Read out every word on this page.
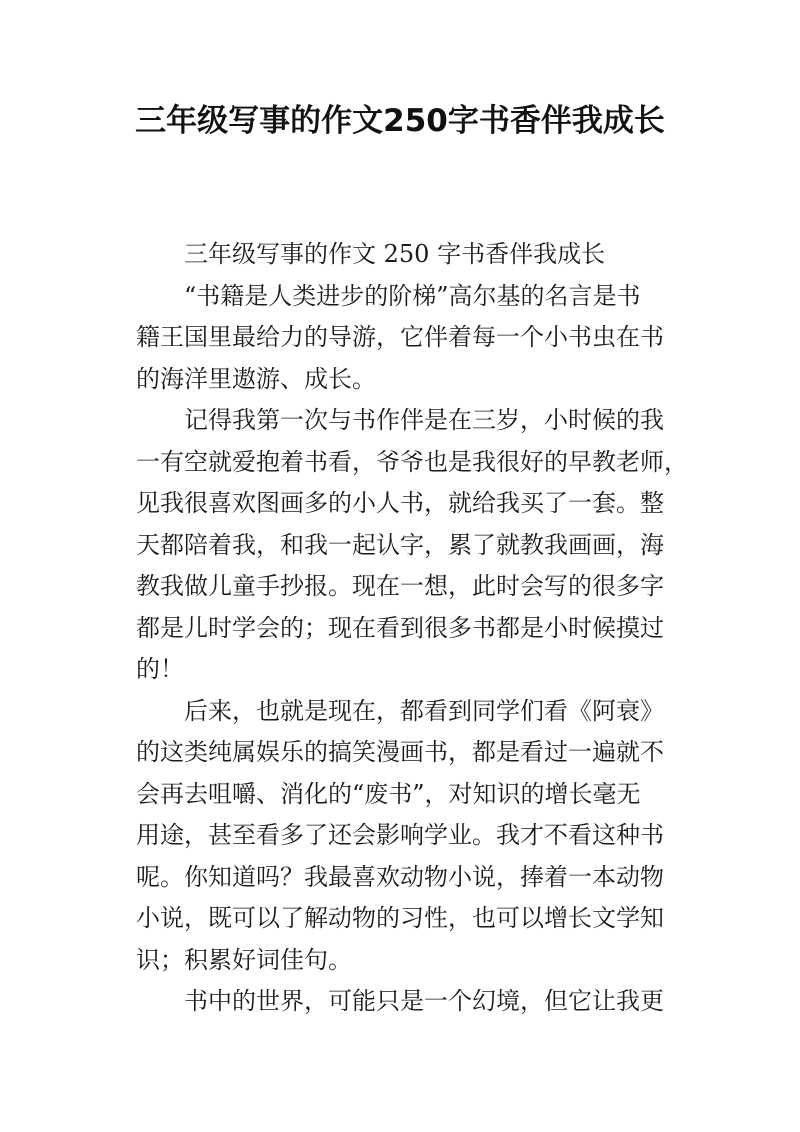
三年级写事的作文250字书香伴我成长
三年级写事的作文 250 字书香伴我成长
“书籍是人类进步的阶梯”高尔基的名言是书
籍王国里最给力的导游，它伴着每一个小书虫在书
的海洋里遨游、成长。
记得我第一次与书作伴是在三岁，小时候的我
一有空就爱抱着书看，爷爷也是我很好的早教老师，
见我很喜欢图画多的小人书，就给我买了一套。整
天都陪着我，和我一起认字，累了就教我画画，海
教我做儿童手抄报。现在一想，此时会写的很多字
都是儿时学会的；现在看到很多书都是小时候摸过
的！
后来，也就是现在，都看到同学们看《阿衰》
的这类纯属娱乐的搞笑漫画书，都是看过一遍就不
会再去咀嚼、消化的“废书”，对知识的增长毫无
用途，甚至看多了还会影响学业。我才不看这种书
呢。你知道吗？我最喜欢动物小说，捧着一本动物
小说，既可以了解动物的习性，也可以增长文学知
识；积累好词佳句。
书中的世界，可能只是一个幻境，但它让我更
